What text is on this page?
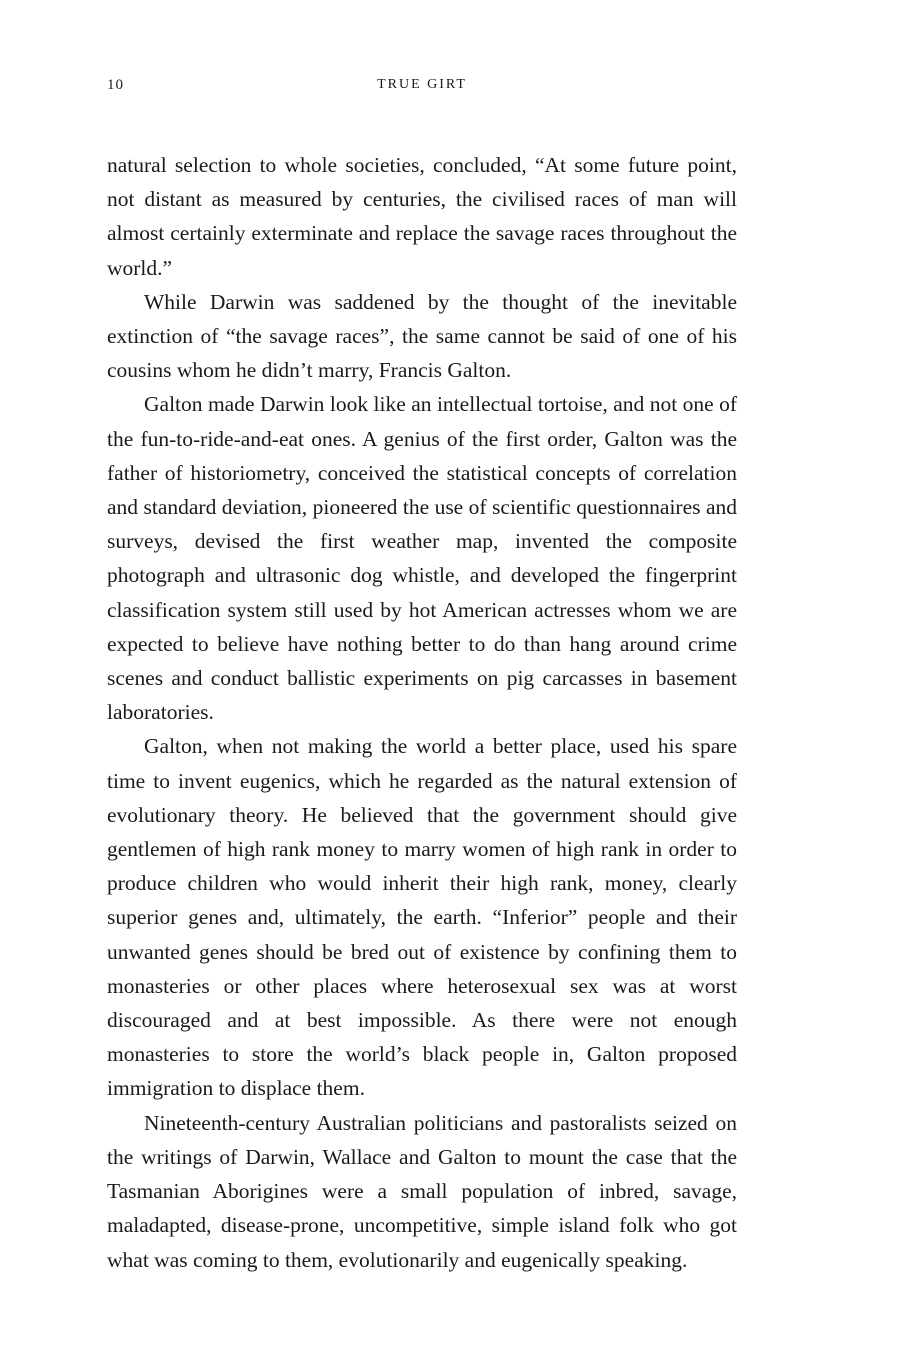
10	TRUE GIRT

natural selection to whole societies, concluded, “At some future point, not distant as measured by centuries, the civilised races of man will almost certainly exterminate and replace the savage races throughout the world.”

While Darwin was saddened by the thought of the inevitable extinction of “the savage races”, the same cannot be said of one of his cousins whom he didn’t marry, Francis Galton.

Galton made Darwin look like an intellectual tortoise, and not one of the fun-to-ride-and-eat ones. A genius of the first order, Galton was the father of historiometry, conceived the statistical concepts of correlation and standard deviation, pioneered the use of scientific questionnaires and surveys, devised the first weather map, invented the composite photograph and ultrasonic dog whistle, and developed the fingerprint classification system still used by hot American actresses whom we are expected to believe have nothing better to do than hang around crime scenes and conduct ballistic experiments on pig carcasses in basement laboratories.

Galton, when not making the world a better place, used his spare time to invent eugenics, which he regarded as the natural extension of evolutionary theory. He believed that the government should give gentlemen of high rank money to marry women of high rank in order to produce children who would inherit their high rank, money, clearly superior genes and, ultimately, the earth. “Inferior” people and their unwanted genes should be bred out of existence by confining them to monasteries or other places where heterosexual sex was at worst discouraged and at best impossible. As there were not enough monasteries to store the world’s black people in, Galton proposed immigration to displace them.

Nineteenth-century Australian politicians and pastoralists seized on the writings of Darwin, Wallace and Galton to mount the case that the Tasmanian Aborigines were a small population of inbred, savage, maladapted, disease-prone, uncompetitive, simple island folk who got what was coming to them, evolutionarily and eugenically speaking.
